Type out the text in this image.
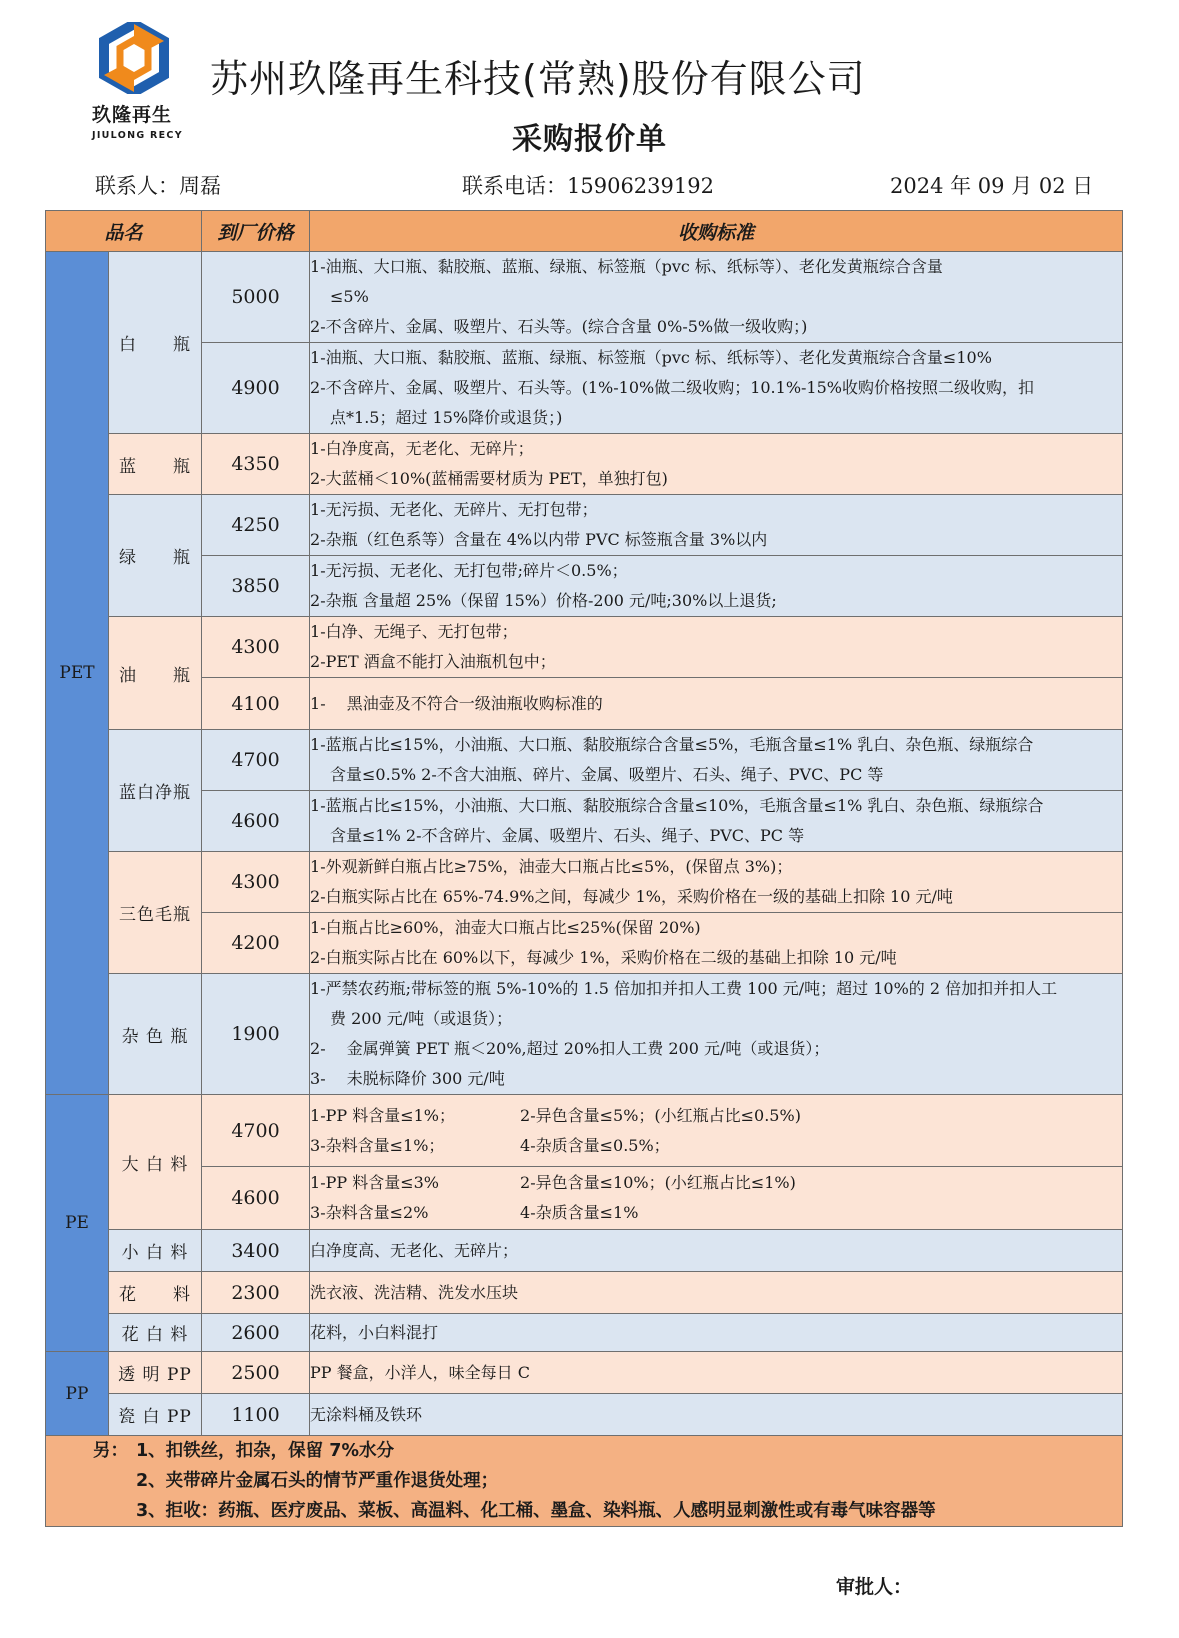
玖隆再生
JIULONG RECY
苏州玖隆再生科技(常熟)股份有限公司
采购报价单
联系人：周磊	联系电话：15906239192	2024 年 09 月 02 日
品名		到厂价格	收购标准
PET	白　　瓶	5000	1-油瓶、大口瓶、黏胶瓶、蓝瓶、绿瓶、标签瓶（pvc 标、纸标等）、老化发黄瓶综合含量
≤5%
2-不含碎片、金属、吸塑片、石头等。(综合含量 0%-5%做一级收购；)

		4900	1-油瓶、大口瓶、黏胶瓶、蓝瓶、绿瓶、标签瓶（pvc 标、纸标等）、老化发黄瓶综合含量≤10%
2-不含碎片、金属、吸塑片、石头等。(1%-10%做二级收购；10.1%-15%收购价格按照二级收购，扣
点*1.5；超过 15%降价或退货；)

	蓝　　瓶	4350	1-白净度高，无老化、无碎片；
2-大蓝桶＜10%(蓝桶需要材质为 PET，单独打包)

	绿　　瓶	4250	1-无污损、无老化、无碎片、无打包带；
2-杂瓶（红色系等）含量在 4%以内带 PVC 标签瓶含量 3%以内

		3850	1-无污损、无老化、无打包带;碎片＜0.5%；
2-杂瓶 含量超 25%（保留 15%）价格-200 元/吨;30%以上退货;

	油　　瓶	4300	1-白净、无绳子、无打包带；
2-PET 酒盒不能打入油瓶机包中；

		4100	1-　 黑油壶及不符合一级油瓶收购标准的

	蓝白净瓶	4700	1-蓝瓶占比≤15%，小油瓶、大口瓶、黏胶瓶综合含量≤5%，毛瓶含量≤1% 乳白、杂色瓶、绿瓶综合
含量≤0.5% 2-不含大油瓶、碎片、金属、吸塑片、石头、绳子、PVC、PC 等

		4600	1-蓝瓶占比≤15%，小油瓶、大口瓶、黏胶瓶综合含量≤10%，毛瓶含量≤1% 乳白、杂色瓶、绿瓶综合
含量≤1% 2-不含碎片、金属、吸塑片、石头、绳子、PVC、PC 等

	三色毛瓶	4300	1-外观新鲜白瓶占比≥75%，油壶大口瓶占比≤5%，(保留点 3%)；
2-白瓶实际占比在 65%-74.9%之间，每减少 1%，采购价格在一级的基础上扣除 10 元/吨

		4200	1-白瓶占比≥60%，油壶大口瓶占比≤25%(保留 20%)
2-白瓶实际占比在 60%以下，每减少 1%，采购价格在二级的基础上扣除 10 元/吨

	杂 色 瓶	1900	1-严禁农药瓶;带标签的瓶 5%-10%的 1.5 倍加扣并扣人工费 100 元/吨；超过 10%的 2 倍加扣并扣人工
费 200 元/吨（或退货）；
2-　 金属弹簧 PET 瓶＜20%,超过 20%扣人工费 200 元/吨（或退货）；
3-　 未脱标降价 300 元/吨

PE	大 白 料	4700	1-PP 料含量≤1%； 2-异色含量≤5%；(小红瓶占比≤0.5%)
3-杂料含量≤1%； 4-杂质含量≤0.5%；

		4600	1-PP 料含量≤3% 2-异色含量≤10%；(小红瓶占比≤1%)
3-杂料含量≤2% 4-杂质含量≤1%

	小 白 料	3400	白净度高、无老化、无碎片；
	花　　料	2300	洗衣液、洗洁精、洗发水压块
	花 白 料	2600	花料，小白料混打
PP	透 明 PP	2500	PP 餐盒，小洋人，味全每日 C
	瓷 白 PP	1100	无涂料桶及铁环
另： 1、扣铁丝，扣杂，保留 7%水分
2、夹带碎片金属石头的情节严重作退货处理；
3、拒收：药瓶、医疗废品、菜板、高温料、化工桶、墨盒、染料瓶、人感明显刺激性或有毒气味容器等			
审批人：
